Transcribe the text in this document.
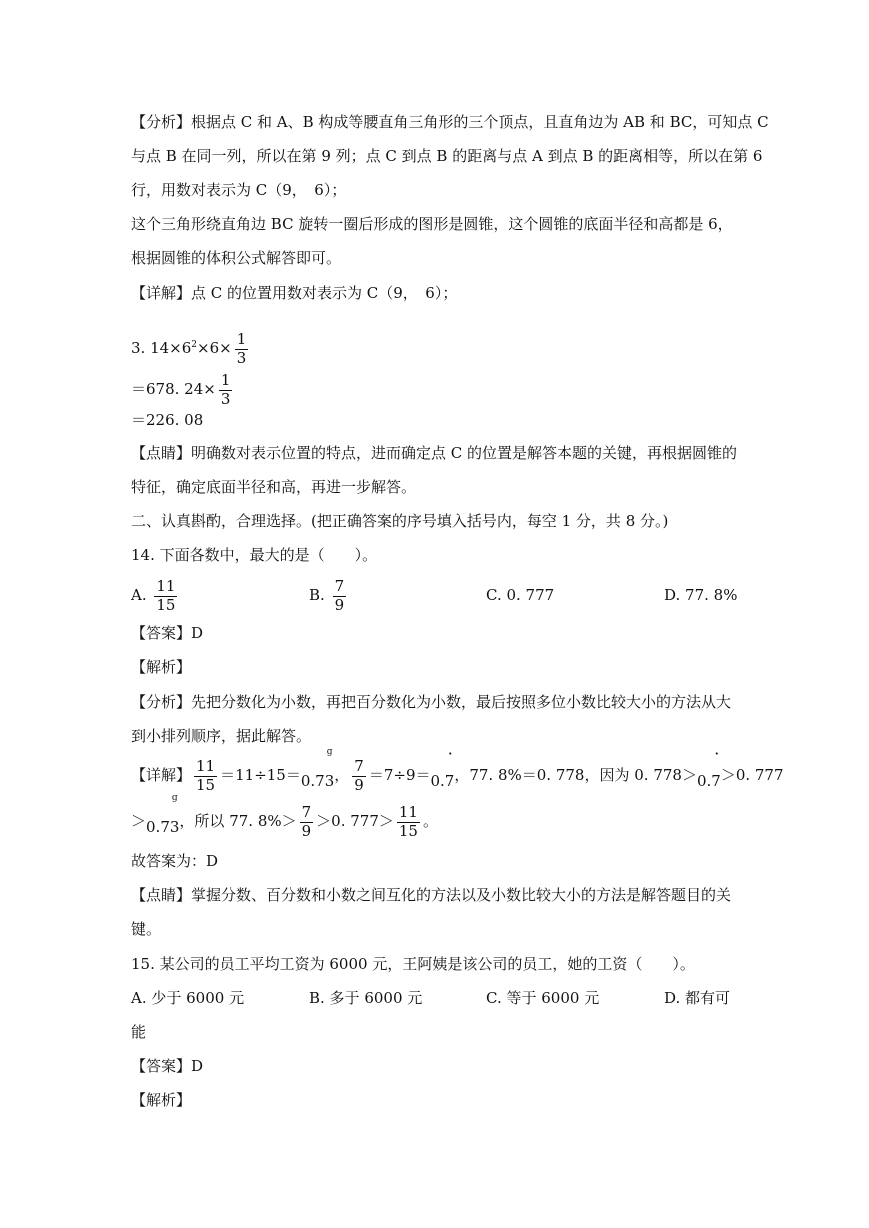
【分析】根据点 C 和 A、B 构成等腰直角三角形的三个顶点，且直角边为 AB 和 BC，可知点 C
与点 B 在同一列，所以在第 9 列；点 C 到点 B 的距离与点 A 到点 B 的距离相等，所以在第 6
行，用数对表示为 C（9，　6）；
这个三角形绕直角边 BC 旋转一圈后形成的图形是圆锥，这个圆锥的底面半径和高都是 6，
根据圆锥的体积公式解答即可。
【详解】点 C 的位置用数对表示为 C（9，　6）；
3. $14\times 6^2\times 6\times \frac{1}{3}$
＝678. $24\times \frac{1}{3}$
＝226. 08
【点睛】明确数对表示位置的特点，进而确定点 C 的位置是解答本题的关键，再根据圆锥的
特征，确定底面半径和高，再进一步解答。
二、认真斟酌，合理选择。(把正确答案的序号填入括号内，每空 1 分，共 8 分。)
14. 下面各数中，最大的是（　　）。
A. $\frac{11}{15}$	B. $\frac{7}{9}$	C. 0. 777	D. 77. 8%
【答案】D
【解析】
【分析】先把分数化为小数，再把百分数化为小数，最后按照多位小数比较大小的方法从大
到小排列顺序，据此解答。
【详解】 $\frac{11}{15} =11\div 15=0.7$
g
3， $\frac{7}{9} =7\div 9=0$.
·
7，77. 8%＝0. 778，因为 0. 778＞0.
·
7＞0. 777
＞0.7
g
3，所以 77. $8\%> \frac{7}{9} >0$. $777> \frac{11}{15}$ 。
故答案为：D
【点睛】掌握分数、百分数和小数之间互化的方法以及小数比较大小的方法是解答题目的关
键。
15. 某公司的员工平均工资为 6000 元，王阿姨是该公司的员工，她的工资（　　）。
A. 少于 6000 元	B. 多于 6000 元	C. 等于 6000 元	D. 都有可
能
【答案】D
【解析】
